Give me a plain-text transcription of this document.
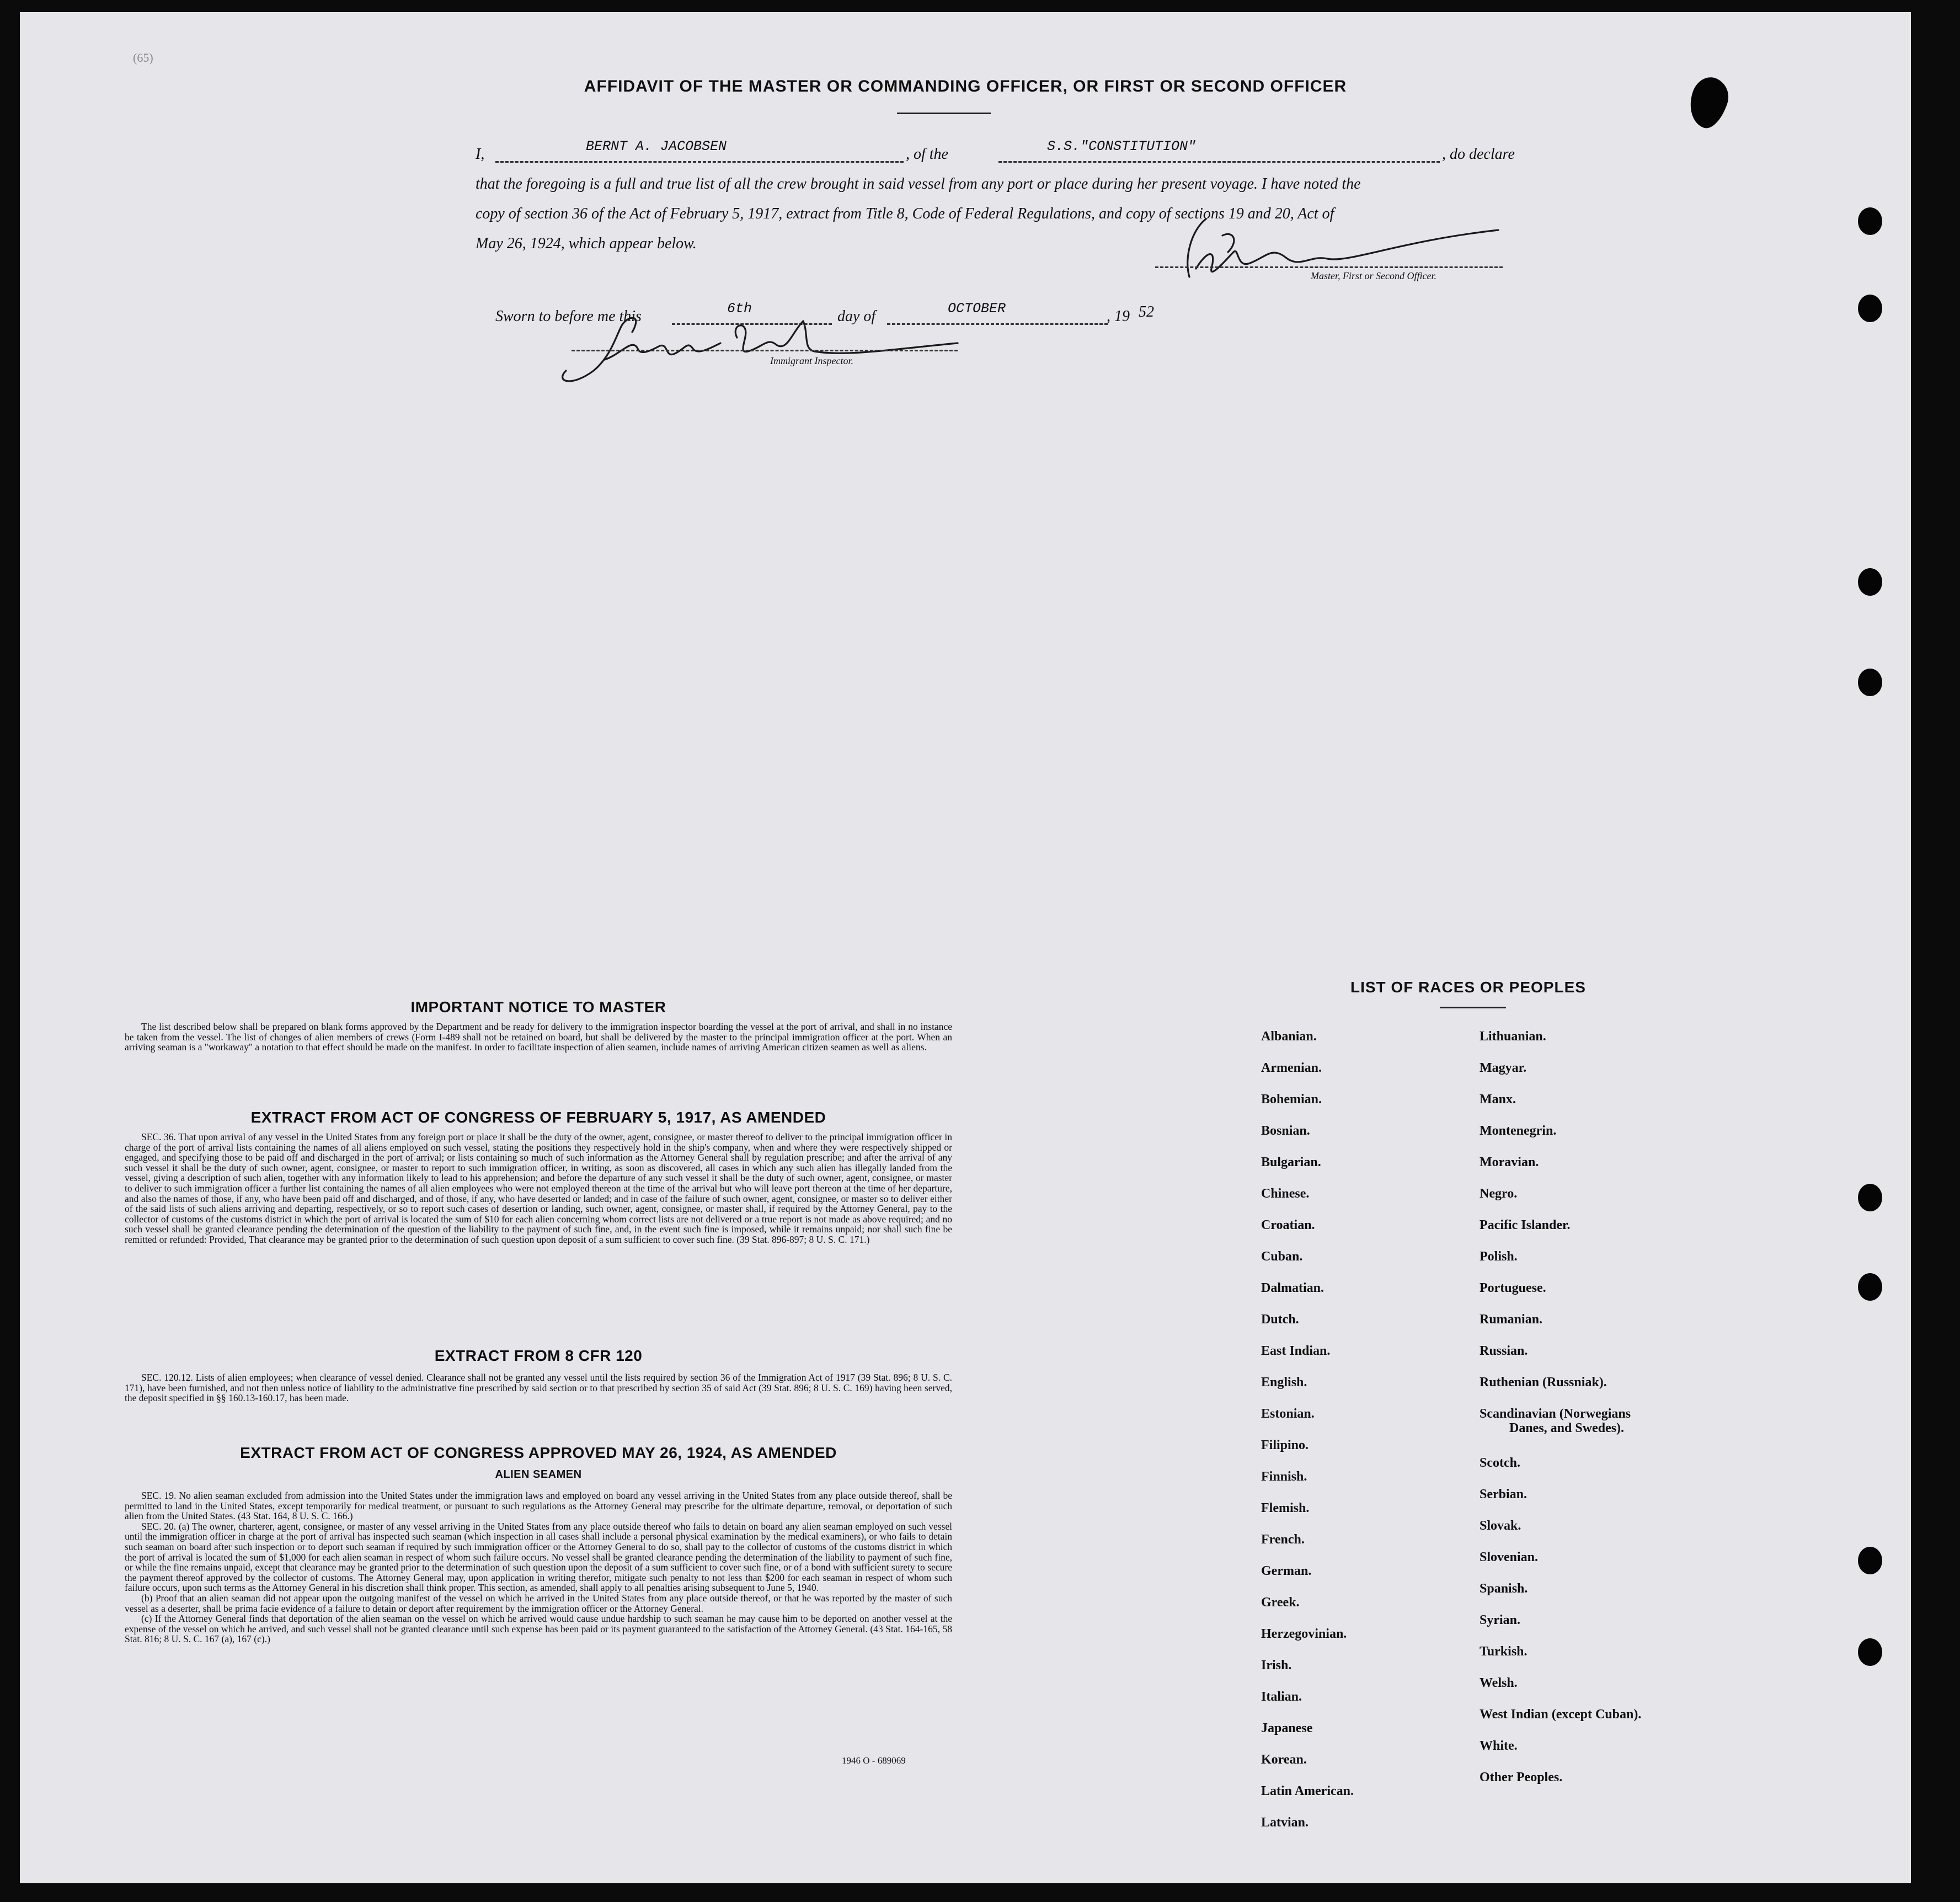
(65)
AFFIDAVIT OF THE MASTER OR COMMANDING OFFICER, OR FIRST OR SECOND OFFICER
I,	BERNT A. JACOBSEN	, of the	S.S."CONSTITUTION"	, do declare
that the foregoing is a full and true list of all the crew brought in said vessel from any port or place during her present voyage. I have noted the
copy of section 36 of the Act of February 5, 1917, extract from Title 8, Code of Federal Regulations, and copy of sections 19 and 20, Act of
May 26, 1924, which appear below.
Master, First or Second Officer.
Sworn to before me this	6th	day of	OCTOBER	, 19 52
Immigrant Inspector.
IMPORTANT NOTICE TO MASTER

The list described below shall be prepared on blank forms approved by the Department and be ready for delivery to the immigration inspector boarding the vessel at the port of arrival, and shall in no instance be taken from the vessel. The list of changes of alien members of crews (Form I-489 shall not be retained on board, but shall be delivered by the master to the principal immigration officer at the port. When an arriving seaman is a "workaway" a notation to that effect should be made on the manifest. In order to facilitate inspection of alien seamen, include names of arriving American citizen seamen as well as aliens.

EXTRACT FROM ACT OF CONGRESS OF FEBRUARY 5, 1917, AS AMENDED

SEC. 36. That upon arrival of any vessel in the United States from any foreign port or place it shall be the duty of the owner, agent, consignee, or master thereof to deliver to the principal immigration officer in charge of the port of arrival lists containing the names of all aliens employed on such vessel, stating the positions they respectively hold in the ship's company, when and where they were respectively shipped or engaged, and specifying those to be paid off and discharged in the port of arrival; or lists containing so much of such information as the Attorney General shall by regulation prescribe; and after the arrival of any such vessel it shall be the duty of such owner, agent, consignee, or master to report to such immigration officer, in writing, as soon as discovered, all cases in which any such alien has illegally landed from the vessel, giving a description of such alien, together with any information likely to lead to his apprehension; and before the departure of any such vessel it shall be the duty of such owner, agent, consignee, or master to deliver to such immigration officer a further list containing the names of all alien employees who were not employed thereon at the time of the arrival but who will leave port thereon at the time of her departure, and also the names of those, if any, who have been paid off and discharged, and of those, if any, who have deserted or landed; and in case of the failure of such owner, agent, consignee, or master so to deliver either of the said lists of such aliens arriving and departing, respectively, or so to report such cases of desertion or landing, such owner, agent, consignee, or master shall, if required by the Attorney General, pay to the collector of customs of the customs district in which the port of arrival is located the sum of $10 for each alien concerning whom correct lists are not delivered or a true report is not made as above required; and no such vessel shall be granted clearance pending the determination of the question of the liability to the payment of such fine, and, in the event such fine is imposed, while it remains unpaid; nor shall such fine be remitted or refunded: Provided, That clearance may be granted prior to the determination of such question upon deposit of a sum sufficient to cover such fine. (39 Stat. 896-897; 8 U. S. C. 171.)

EXTRACT FROM 8 CFR 120

SEC. 120.12. Lists of alien employees; when clearance of vessel denied. Clearance shall not be granted any vessel until the lists required by section 36 of the Immigration Act of 1917 (39 Stat. 896; 8 U. S. C. 171), have been furnished, and not then unless notice of liability to the administrative fine prescribed by said section or to that prescribed by section 35 of said Act (39 Stat. 896; 8 U. S. C. 169) having been served, the deposit specified in §§ 160.13-160.17, has been made.

EXTRACT FROM ACT OF CONGRESS APPROVED MAY 26, 1924, AS AMENDED
ALIEN SEAMEN

SEC. 19. No alien seaman excluded from admission into the United States under the immigration laws and employed on board any vessel arriving in the United States from any place outside thereof, shall be permitted to land in the United States, except temporarily for medical treatment, or pursuant to such regulations as the Attorney General may prescribe for the ultimate departure, removal, or deportation of such alien from the United States. (43 Stat. 164, 8 U. S. C. 166.)

SEC. 20. (a) The owner, charterer, agent, consignee, or master of any vessel arriving in the United States from any place outside thereof who fails to detain on board any alien seaman employed on such vessel until the immigration officer in charge at the port of arrival has inspected such seaman (which inspection in all cases shall include a personal physical examination by the medical examiners), or who fails to detain such seaman on board after such inspection or to deport such seaman if required by such immigration officer or the Attorney General to do so, shall pay to the collector of customs of the customs district in which the port of arrival is located the sum of $1,000 for each alien seaman in respect of whom such failure occurs. No vessel shall be granted clearance pending the determination of the liability to payment of such fine, or while the fine remains unpaid, except that clearance may be granted prior to the determination of such question upon the deposit of a sum sufficient to cover such fine, or of a bond with sufficient surety to secure the payment thereof approved by the collector of customs. The Attorney General may, upon application in writing therefor, mitigate such penalty to not less than $200 for each seaman in respect of whom such failure occurs, upon such terms as the Attorney General in his discretion shall think proper. This section, as amended, shall apply to all penalties arising subsequent to June 5, 1940.

(b) Proof that an alien seaman did not appear upon the outgoing manifest of the vessel on which he arrived in the United States from any place outside thereof, or that he was reported by the master of such vessel as a deserter, shall be prima facie evidence of a failure to detain or deport after requirement by the immigration officer or the Attorney General.

(c) If the Attorney General finds that deportation of the alien seaman on the vessel on which he arrived would cause undue hardship to such seaman he may cause him to be deported on another vessel at the expense of the vessel on which he arrived, and such vessel shall not be granted clearance until such expense has been paid or its payment guaranteed to the satisfaction of the Attorney General. (43 Stat. 164-165, 58 Stat. 816; 8 U. S. C. 167 (a), 167 (c).)

1946 O - 689069
LIST OF RACES OR PEOPLES
Albanian.
Armenian.
Bohemian.
Bosnian.
Bulgarian.
Chinese.
Croatian.
Cuban.
Dalmatian.
Dutch.
East Indian.
English.
Estonian.
Filipino.
Finnish.
Flemish.
French.
German.
Greek.
Herzegovinian.
Irish.
Italian.
Japanese
Korean.
Latin American.
Latvian.
Lithuanian.
Magyar.
Manx.
Montenegrin.
Moravian.
Negro.
Pacific Islander.
Polish.
Portuguese.
Rumanian.
Russian.
Ruthenian (Russniak).
Scandinavian (Norwegians
Danes, and Swedes).
Scotch.
Serbian.
Slovak.
Slovenian.
Spanish.
Syrian.
Turkish.
Welsh.
West Indian (except Cuban).
White.
Other Peoples.
